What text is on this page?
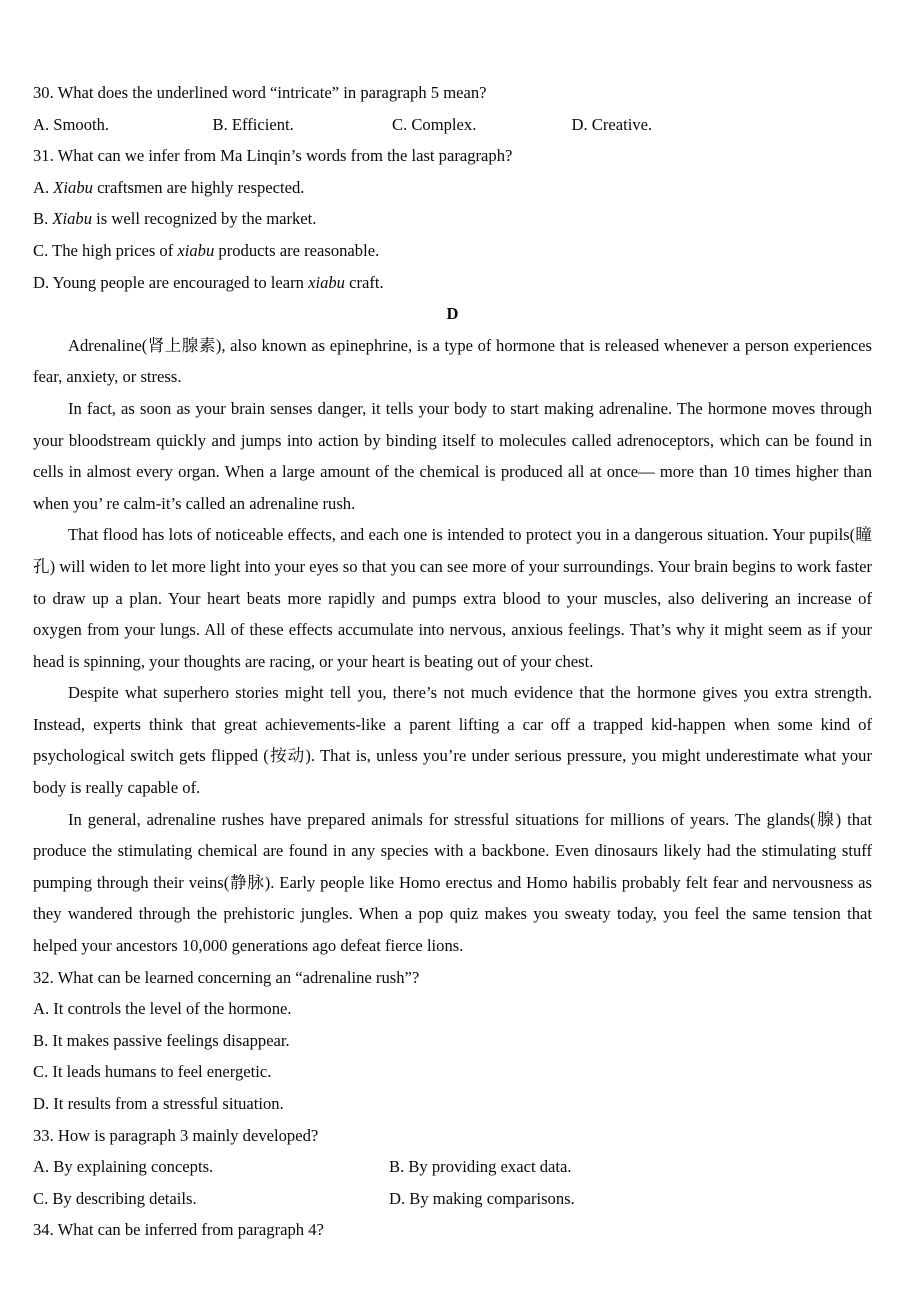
30. What does the underlined word “intricate” in paragraph 5 mean?
A. Smooth.	B. Efficient.	C. Complex.	D. Creative.
31. What can we infer from Ma Linqin’s words from the last paragraph?
A. Xiabu craftsmen are highly respected.
B. Xiabu is well recognized by the market.
C. The high prices of xiabu products are reasonable.
D. Young people are encouraged to learn xiabu craft.
D

Adrenaline(肾上腺素), also known as epinephrine, is a type of hormone that is released whenever a person experiences fear, anxiety, or stress.

In fact, as soon as your brain senses danger, it tells your body to start making adrenaline. The hormone moves through your bloodstream quickly and jumps into action by binding itself to molecules called adrenoceptors, which can be found in cells in almost every organ. When a large amount of the chemical is produced all at once— more than 10 times higher than when you’ re calm-it’s called an adrenaline rush.

That flood has lots of noticeable effects, and each one is intended to protect you in a dangerous situation. Your pupils(瞳孔) will widen to let more light into your eyes so that you can see more of your surroundings. Your brain begins to work faster to draw up a plan. Your heart beats more rapidly and pumps extra blood to your muscles, also delivering an increase of oxygen from your lungs. All of these effects accumulate into nervous, anxious feelings. That’s why it might seem as if your head is spinning, your thoughts are racing, or your heart is beating out of your chest.

Despite what superhero stories might tell you, there’s not much evidence that the hormone gives you extra strength. Instead, experts think that great achievements-like a parent lifting a car off a trapped kid-happen when some kind of psychological switch gets flipped (按动). That is, unless you’re under serious pressure, you might underestimate what your body is really capable of.

In general, adrenaline rushes have prepared animals for stressful situations for millions of years. The glands(腺) that produce the stimulating chemical are found in any species with a backbone. Even dinosaurs likely had the stimulating stuff pumping through their veins(静脉). Early people like Homo erectus and Homo habilis probably felt fear and nervousness as they wandered through the prehistoric jungles. When a pop quiz makes you sweaty today, you feel the same tension that helped your ancestors 10,000 generations ago defeat fierce lions.

32. What can be learned concerning an “adrenaline rush”?
A. It controls the level of the hormone.
B. It makes passive feelings disappear.
C. It leads humans to feel energetic.
D. It results from a stressful situation.
33. How is paragraph 3 mainly developed?
A. By explaining concepts.	B. By providing exact data.
C. By describing details.	D. By making comparisons.
34. What can be inferred from paragraph 4?
